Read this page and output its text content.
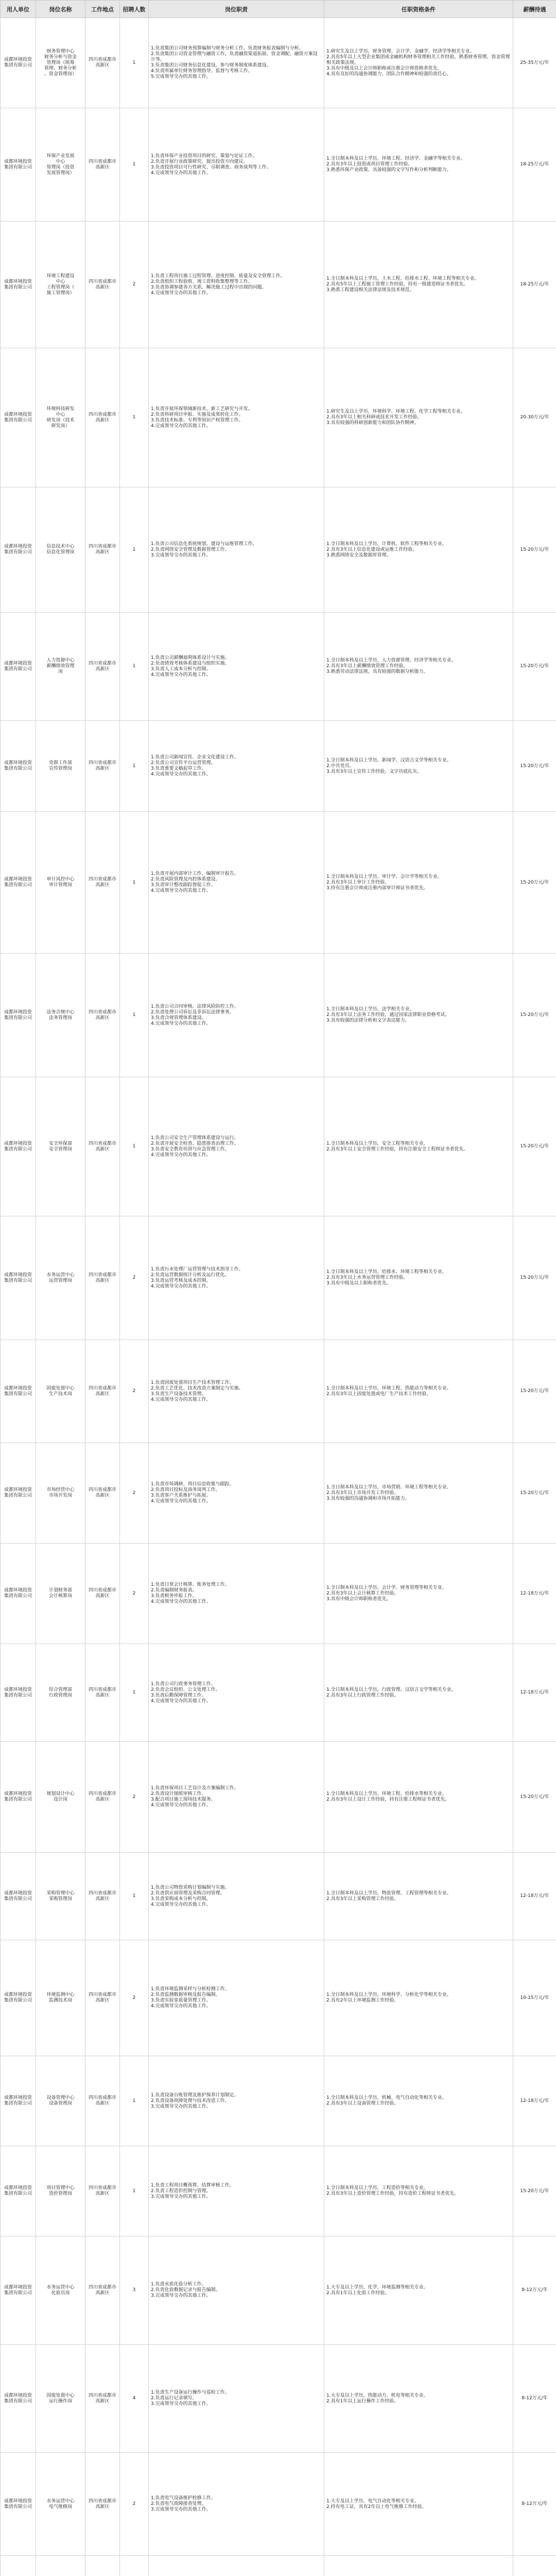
用人单位	岗位名称	工作地点	招聘人数	岗位职责	任职资格条件	薪酬待遇
成都环境投资集团有限公司	财务管理中心
财务分析与资金
管理岗（统筹
管理、财务分析
、资金管理岗）	四川省成都市
高新区	1	1.负责集团公司财务预算编制与财务分析工作，负责财务报表编制与分析。
2.负责集团公司资金管理与融资工作，负责融资渠道拓展、资金调配、融资方案设计等。
3.负责集团公司财务信息化建设，参与财务制度体系建设。
4.负责所属单位财务管理指导、监督与考核工作。
5.完成领导交办的其他工作。	1.研究生及以上学历，财务管理、会计学、金融学、经济学等相关专业。
2.具有5年以上大型企业集团或金融机构财务管理相关工作经验，熟悉财务管理、资金管理相关政策法规。
3.具有中级及以上会计师职称或注册会计师资格者优先。
4.具有良好的沟通协调能力、团队合作精神和较强的责任心。	25-35万元/年
成都环境投资集团有限公司	环保产业发展
中心
管理岗（投资
发展管理岗）	四川省成都市
高新区	1	1.负责环保产业投资项目的研究、策划与论证工作。
2.负责开展行业政策研究，提出投资方向建议。
3.负责投资项目可行性研究、尽职调查、商务谈判等工作。
4.完成领导交办的其他工作。	1.全日制本科及以上学历，环境工程、经济学、金融学等相关专业。
2.具有3年以上投资或项目管理工作经验。
3.熟悉环保产业政策、具备较强的文字写作和分析判断能力。	18-25万元/年
成都环境投资集团有限公司	环境工程建设
中心
工程管理岗（
施工管理岗）	四川省成都市
高新区	2	1.负责工程项目施工过程管理、进度控制、质量及安全管理工作。
2.负责组织工程验收、竣工资料收集整理等工作。
3.负责协调参建各方关系，解决施工过程中出现的问题。
4.完成领导交办的其他工作。	1.全日制本科及以上学历，土木工程、给排水工程、环境工程等相关专业。
2.具有5年以上工程施工管理工作经验，持有一级建造师证书者优先。
3.熟悉工程建设相关法律法规及技术规范。	18-25万元/年
成都环境投资集团有限公司	环境科技研发
中心
研发岗（技术
研发岗）	四川省成都市
高新区	1	1.负责开展环保领域新技术、新工艺研究与开发。
2.负责科研项目申报、实施及成果转化工作。
3.负责技术标准、专利等知识产权管理工作。
4.完成领导交办的其他工作。	1.研究生及以上学历，环境科学、环境工程、化学工程等相关专业。
2.具有3年以上相关科研或技术开发工作经验。
3.具有较强的科研创新能力和团队协作精神。	20-30万元/年
成都环境投资集团有限公司	信息技术中心
信息化管理岗	四川省成都市
高新区	1	1.负责公司信息化系统规划、建设与运维管理工作。
2.负责网络安全管理及数据管理工作。
3.完成领导交办的其他工作。	1.全日制本科及以上学历，计算机、软件工程等相关专业。
2.具有3年以上信息化建设或运维工作经验。
3.熟悉网络安全及数据库管理。	15-20万元/年
成都环境投资集团有限公司	人力资源中心
薪酬绩效管理
岗	四川省成都市
高新区	1	1.负责公司薪酬福利体系设计与实施。
2.负责绩效考核体系建设与组织实施。
3.负责人工成本分析与控制。
4.完成领导交办的其他工作。	1.全日制本科及以上学历，人力资源管理、经济学等相关专业。
2.具有3年以上薪酬绩效管理工作经验。
3.熟悉劳动法律法规，具有较强的数据分析能力。	15-20万元/年
成都环境投资集团有限公司	党群工作部
宣传管理岗	四川省成都市
高新区	1	1.负责公司新闻宣传、企业文化建设工作。
2.负责公司宣传平台运营管理。
3.负责重要文稿起草工作。
4.完成领导交办的其他工作。	1.全日制本科及以上学历，新闻学、汉语言文学等相关专业。
2.中共党员。
3.具有3年以上宣传工作经验，文字功底扎实。	15-20万元/年
成都环境投资集团有限公司	审计风控中心
审计管理岗	四川省成都市
高新区	1	1.负责开展内部审计工作，编制审计报告。
2.负责风险管理及内控体系建设。
3.负责审计整改跟踪督促工作。
4.完成领导交办的其他工作。	1.全日制本科及以上学历，审计学、会计学等相关专业。
2.具有3年以上审计工作经验。
3.持有注册会计师或注册内部审计师证书者优先。	15-20万元/年
成都环境投资集团有限公司	法务合规中心
法务管理岗	四川省成都市
高新区	1	1.负责公司合同审核、法律风险防控工作。
2.负责处理公司诉讼及非诉讼法律事务。
3.负责合规管理体系建设。
4.完成领导交办的其他工作。	1.全日制本科及以上学历，法学相关专业。
2.具有3年以上法务工作经验，通过国家法律职业资格考试。
3.具有较强的法律分析和文字表达能力。	15-20万元/年
成都环境投资集团有限公司	安全环保部
安全管理岗	四川省成都市
高新区	1	1.负责公司安全生产管理体系建设与运行。
2.负责开展安全检查、隐患排查治理工作。
3.负责安全教育培训与应急管理工作。
4.完成领导交办的其他工作。	1.全日制本科及以上学历，安全工程等相关专业。
2.具有3年以上安全管理工作经验，持有注册安全工程师证书者优先。	15-20万元/年
成都环境投资集团有限公司	水务运营中心
运营管理岗	四川省成都市
高新区	2	1.负责污水处理厂运营管理与技术指导工作。
2.负责运营数据统计分析及运行优化。
3.负责运营考核及成本控制。
4.完成领导交办的其他工作。	1.全日制本科及以上学历，给排水、环境工程等相关专业。
2.具有3年以上水务运营管理工作经验。
3.具有中级及以上职称者优先。	15-20万元/年
成都环境投资集团有限公司	固废处置中心
生产技术岗	四川省成都市
高新区	2	1.负责固废处置项目生产技术管理工作。
2.负责工艺优化、技术改造方案制定与实施。
3.负责生产设备技术管理。
4.完成领导交办的其他工作。	1.全日制本科及以上学历，环境工程、热能动力等相关专业。
2.具有3年以上固废处置或电厂生产技术工作经验。	15-20万元/年
成都环境投资集团有限公司	市场经营中心
市场开发岗	四川省成都市
高新区	2	1.负责市场调研、项目信息收集与跟踪。
2.负责项目投标及商务谈判工作。
3.负责客户关系维护与拓展。
4.完成领导交办的其他工作。	1.全日制本科及以上学历，市场营销、环境工程等相关专业。
2.具有3年以上市场开发工作经验。
3.具有较强的沟通协调和市场开拓能力。	15-20万元/年
成都环境投资集团有限公司	计划财务部
会计核算岗	四川省成都市
高新区	2	1.负责日常会计核算、账务处理工作。
2.负责编制财务报表。
3.负责税务申报工作。
4.完成领导交办的其他工作。	1.全日制本科及以上学历，会计学、财务管理等相关专业。
2.具有3年以上会计核算工作经验。
3.具有中级会计师职称者优先。	12-18万元/年
成都环境投资集团有限公司	综合管理部
行政管理岗	四川省成都市
高新区	1	1.负责公司行政事务管理工作。
2.负责会议组织、公文处理工作。
3.负责后勤保障管理工作。
4.完成领导交办的其他工作。	1.全日制本科及以上学历，行政管理、汉语言文学等相关专业。
2.具有3年以上行政管理工作经验。	12-18万元/年
成都环境投资集团有限公司	规划设计中心
设计岗	四川省成都市
高新区	2	1.负责环保项目工艺设计及方案编制工作。
2.负责设计图纸审核工作。
3.配合项目施工现场技术服务。
4.完成领导交办的其他工作。	1.全日制本科及以上学历，环境工程、给排水等相关专业。
2.具有3年以上设计工作经验，持有注册工程师证书者优先。	15-20万元/年
成都环境投资集团有限公司	采购管理中心
采购管理岗	四川省成都市
高新区	1	1.负责公司物资采购计划编制与实施。
2.负责供应商管理及采购合同管理。
3.负责采购成本分析与控制。
4.完成领导交办的其他工作。	1.全日制本科及以上学历，物流管理、工程管理等相关专业。
2.具有3年以上采购管理工作经验。	12-18万元/年
成都环境投资集团有限公司	环境监测中心
监测技术岗	四川省成都市
高新区	2	1.负责环境监测采样与分析检测工作。
2.负责监测数据审核及报告编制。
3.负责实验室质量管理工作。
4.完成领导交办的其他工作。	1.全日制本科及以上学历，环境科学、分析化学等相关专业。
2.具有2年以上环境监测工作经验。	10-15万元/年
成都环境投资集团有限公司	设备管理中心
设备管理岗	四川省成都市
高新区	1	1.负责设备台账管理及维护保养计划制定。
2.负责设备故障处理与技术改造工作。
3.完成领导交办的其他工作。	1.全日制本科及以上学历，机械、电气自动化等相关专业。
2.具有3年以上设备管理工作经验。	12-18万元/年
成都环境投资集团有限公司	项目管理中心
造价管理岗	四川省成都市
高新区	1	1.负责工程项目概预算、结算审核工作。
2.负责工程造价控制与管理。
3.完成领导交办的其他工作。	1.全日制本科及以上学历，工程造价等相关专业。
2.具有3年以上造价管理工作经验，持有造价工程师证书者优先。	15-20万元/年
成都环境投资集团有限公司	水务运营中心
化验员岗	四川省成都市
高新区	3	1.负责水质化验分析工作。
2.负责化验数据记录与报告编制。
3.完成领导交办的其他工作。	1.大专及以上学历，化学、环境监测等相关专业。
2.具有1年以上化验工作经验。	8-12万元/年
成都环境投资集团有限公司	固废处置中心
运行操作岗	四川省成都市
高新区	4	1.负责生产设备运行操作与巡检工作。
2.负责运行记录填写。
3.完成领导交办的其他工作。	1.大专及以上学历，热能动力、机电等相关专业。
2.具有1年以上运行操作工作经验。	8-12万元/年
成都环境投资集团有限公司	水务运营中心
电气维修岗	四川省成都市
高新区	2	1.负责电气设备维护检修工作。
2.负责电气故障排查处理。
3.完成领导交办的其他工作。	1.大专及以上学历，电气自动化等相关专业。
2.持有电工证，具有2年以上电气维修工作经验。	8-12万元/年
